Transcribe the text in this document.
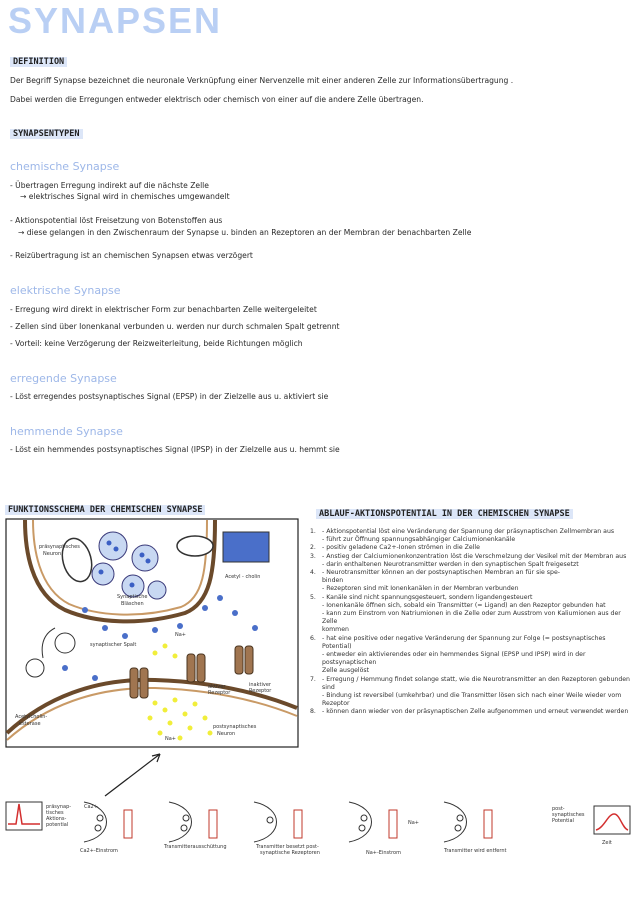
SYNAPSEN
DEFINITION
Der Begriff Synapse bezeichnet die neuronale Verknüpfung einer Nervenzelle mit einer anderen Zelle zur Informationsübertragung .
Dabei werden die Erregungen entweder elektrisch oder chemisch von einer auf die andere Zelle übertragen.
SYNAPSENTYPEN
chemische Synapse
- Übertragen Erregung indirekt auf die nächste Zelle
→ elektrisches Signal wird in chemisches umgewandelt
- Aktionspotential löst Freisetzung von Botenstoffen aus
→ diese gelangen in den Zwischenraum der Synapse u. binden an Rezeptoren an der Membran der benachbarten Zelle
- Reizübertragung ist an chemischen Synapsen etwas verzögert
elektrische Synapse
- Erregung wird direkt in elektrischer Form zur benachbarten Zelle weitergeleitet
- Zellen sind über Ionenkanal verbunden u. werden nur durch schmalen Spalt getrennt
- Vorteil: keine Verzögerung der Reizweiterleitung, beide Richtungen möglich
erregende Synapse
- Löst erregendes postsynaptisches Signal (EPSP) in der Zielzelle aus u. aktiviert sie
hemmende Synapse
- Löst ein hemmendes postsynaptisches Signal (IPSP) in der Zielzelle aus u. hemmt sie
FUNKTIONSSCHEMA DER CHEMISCHEN SYNAPSE
präsynaptisches
Neuron
Acetyl - cholin
Synaptische
Bläschen
synaptischer Spalt
Na+
Na+
aktiver
Rezeptor
inaktiver
Rezeptor
Acetylcholin-
esterase	postsynaptisches
Neuron
ABLAUF-AKTIONSPOTENTIAL IN DER CHEMISCHEN SYNAPSE
1. - Aktionspotential löst eine Veränderung der Spannung der präsynaptischen Zellmembran aus
- führt zur Öffnung spannungsabhängiger Calciumionenkanäle
2. - positiv geladene Ca2+-Ionen strömen in die Zelle
3. - Anstieg der Calciumionenkonzentration löst die Verschmelzung der Vesikel mit der Membran aus
- darin enthaltenen Neurotransmitter werden in den synaptischen Spalt freigesetzt
4. - Neurotransmitter können an der postsynaptischen Membran an für sie spe-
binden
- Rezeptoren sind mit Ionenkanälen in der Membran verbunden
5. - Kanäle sind nicht spannungsgesteuert, sondern ligandengesteuert
- Ionenkanäle öffnen sich, sobald ein Transmitter (= Ligand) an den Rezeptor gebunden hat
- kann zum Einstrom von Natriumionen in die Zelle oder zum Ausstrom von Kaliumionen aus der Zelle
kommen
6. - hat eine positive oder negative Veränderung der Spannung zur Folge (= postsynaptisches Potential)
- entweder ein aktivierendes oder ein hemmendes Signal (EPSP und IPSP) wird in der postsynaptischen
Zelle ausgelöst
7. - Erregung / Hemmung findet solange statt, wie die Neurotransmitter an den Rezeptoren gebunden
sind
- Bindung ist reversibel (umkehrbar) und die Transmitter lösen sich nach einer Weile wieder vom
Rezeptor
8. - können dann wieder von der präsynaptischen Zelle aufgenommen und erneut verwendet werden
präsynap-
tisches
Aktions-
potential
Ca2+
Ca2+-Einstrom
Transmitterausschüttung	Transmitter besetzt post-
synaptische Rezeptoren
Na+
Na+-Einstrom	Transmitter wird entfernt
post-
synaptisches
Potential
Zeit
